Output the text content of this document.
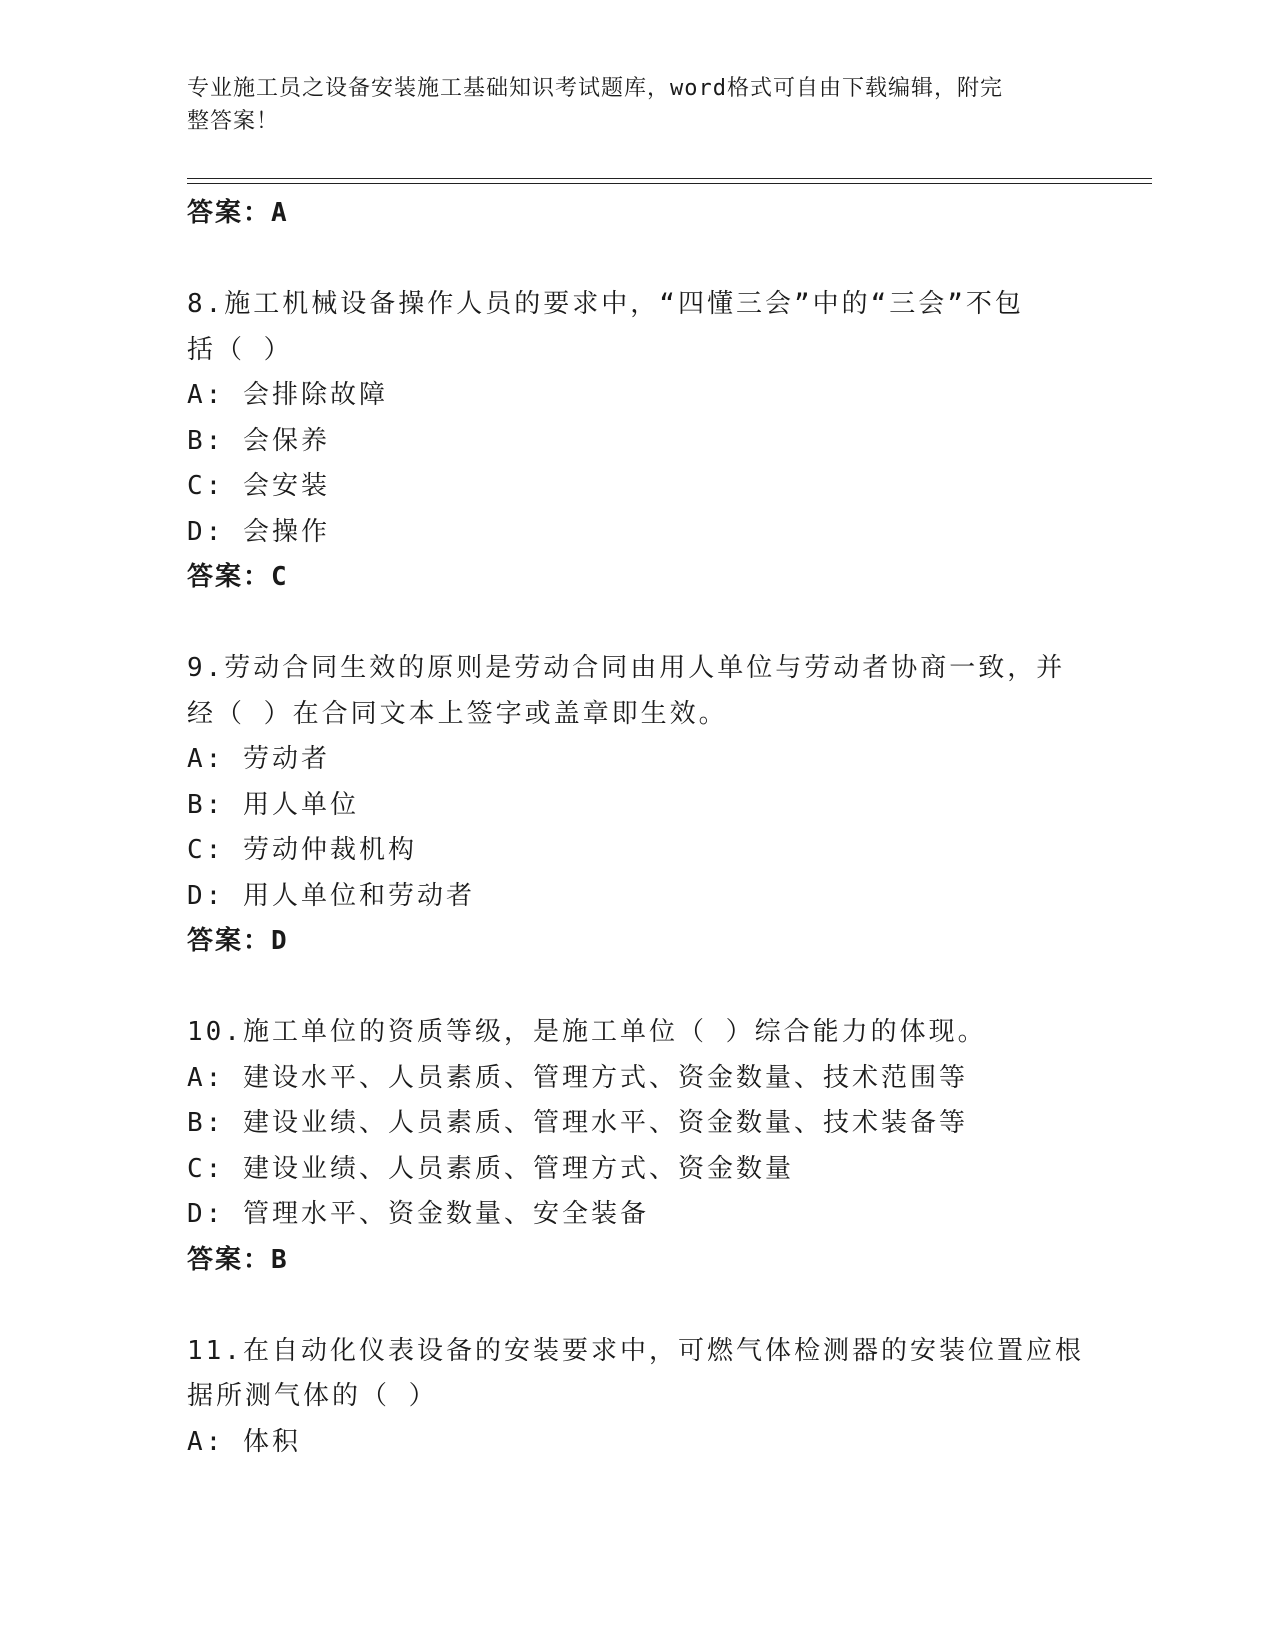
专业施工员之设备安装施工基础知识考试题库，word格式可自由下载编辑，附完
整答案！
答案：A
8.施工机械设备操作人员的要求中，“四懂三会”中的“三会”不包
括（ ）
A: 会排除故障
B: 会保养
C: 会安装
D: 会操作
答案：C
9.劳动合同生效的原则是劳动合同由用人单位与劳动者协商一致，并
经（ ）在合同文本上签字或盖章即生效。
A: 劳动者
B: 用人单位
C: 劳动仲裁机构
D: 用人单位和劳动者
答案：D
10.施工单位的资质等级，是施工单位（ ）综合能力的体现。
A: 建设水平、人员素质、管理方式、资金数量、技术范围等
B: 建设业绩、人员素质、管理水平、资金数量、技术装备等
C: 建设业绩、人员素质、管理方式、资金数量
D: 管理水平、资金数量、安全装备
答案：B
11.在自动化仪表设备的安装要求中，可燃气体检测器的安装位置应根
据所测气体的（ ）
A: 体积
